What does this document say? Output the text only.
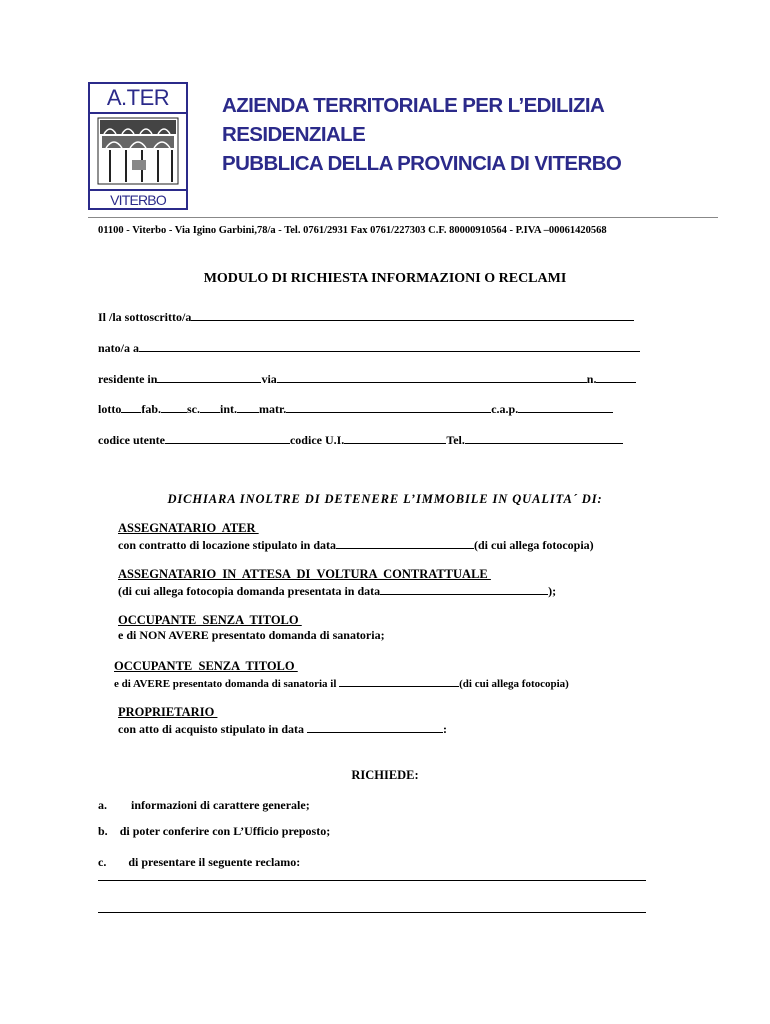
A.TER
VITERBO
AZIENDA TERRITORIALE PER L’EDILIZIA RESIDENZIALE
PUBBLICA DELLA PROVINCIA DI VITERBO
01100 - Viterbo - Via Igino Garbini,78/a - Tel. 0761/2931 Fax 0761/227303 C.F. 80000910564 - P.IVA –00061420568
MODULO DI RICHIESTA INFORMAZIONI O RECLAMI
Il /la sottoscritto/a
nato/a a
residente in	via	n.
lotto fab. sc. int. matr.	c.a.p.
codice utente	codice U.I.	Tel.
DICHIARA INOLTRE DI DETENERE L’IMMOBILE IN QUALITA´ DI:
ASSEGNATARIO  ATER
con contratto di locazione stipulato in data	(di cui allega fotocopia)
ASSEGNATARIO  IN  ATTESA  DI  VOLTURA  CONTRATTUALE
(di cui allega fotocopia domanda presentata in data	);
OCCUPANTE  SENZA  TITOLO
e di NON AVERE presentato domanda di sanatoria;
OCCUPANTE  SENZA  TITOLO
e di AVERE presentato domanda di sanatoria il	(di cui allega fotocopia)
PROPRIETARIO
con atto di acquisto stipulato in data	:
RICHIEDE:
a. informazioni di carattere generale;
b. di poter conferire con L’Ufficio preposto;
c. di presentare il seguente reclamo:
